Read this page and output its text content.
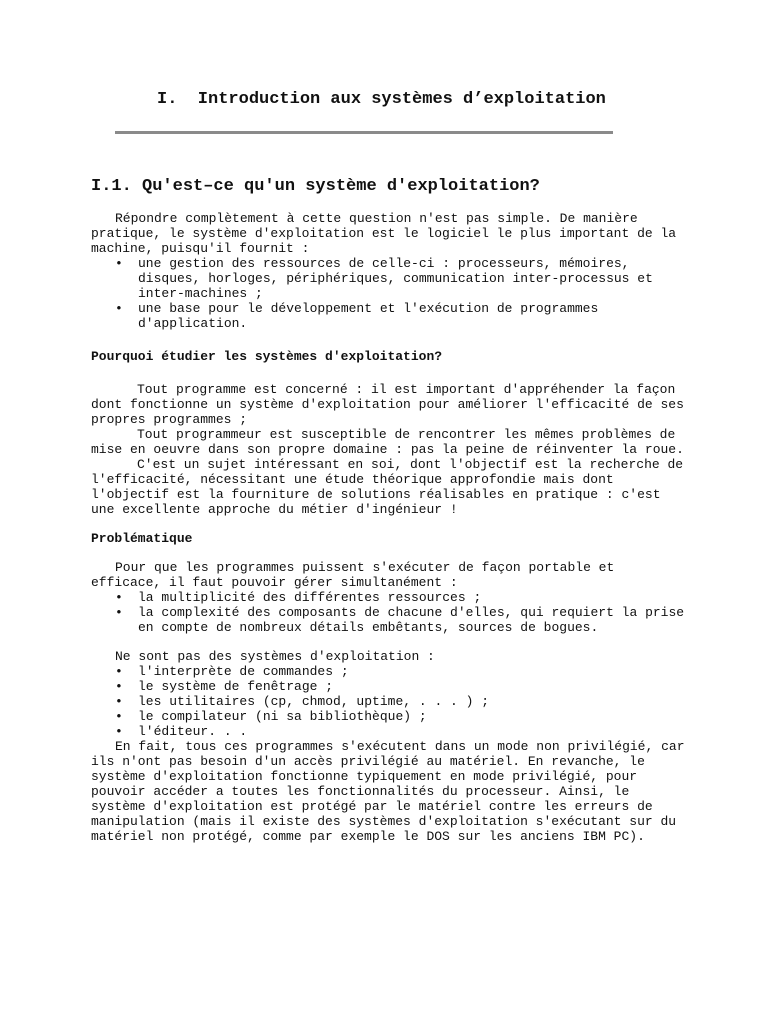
I.  Introduction aux systèmes d’exploitation
I.1. Qu'est–ce qu'un système d'exploitation?

Répondre complètement à cette question n'est pas simple. De manière pratique, le système d'exploitation est le logiciel le plus important de la machine, puisqu'il fournit :

• une gestion des ressources de celle-ci : processeurs, mémoires, disques, horloges, périphériques, communication inter-processus et inter-machines ;
• une base pour le développement et l'exécution de programmes d'application.

Pourquoi étudier les systèmes d'exploitation?

Tout programme est concerné : il est important d'appréhender la façon dont fonctionne un système d'exploitation pour améliorer l'efficacité de ses propres programmes ;

Tout programmeur est susceptible de rencontrer les mêmes problèmes de mise en oeuvre dans son propre domaine : pas la peine de réinventer la roue.

C'est un sujet intéressant en soi, dont l'objectif est la recherche de l'efficacité, nécessitant une étude théorique approfondie mais dont l'objectif est la fourniture de solutions réalisables en pratique : c'est une excellente approche du métier d'ingénieur !

Problématique

Pour que les programmes puissent s'exécuter de façon portable et efficace, il faut pouvoir gérer simultanément :

• la multiplicité des différentes ressources ;
• la complexité des composants de chacune d'elles, qui requiert la prise en compte de nombreux détails embêtants, sources de bogues.

Ne sont pas des systèmes d'exploitation :

• l'interprète de commandes ;
• le système de fenêtrage ;
• les utilitaires (cp, chmod, uptime, . . . ) ;
• le compilateur (ni sa bibliothèque) ;
• l'éditeur. . .

En fait, tous ces programmes s'exécutent dans un mode non privilégié, car ils n'ont pas besoin d'un accès privilégié au matériel. En revanche, le système d'exploitation fonctionne typiquement en mode privilégié, pour pouvoir accéder a toutes les fonctionnalités du processeur. Ainsi, le système d'exploitation est protégé par le matériel contre les erreurs de manipulation (mais il existe des systèmes d'exploitation s'exécutant sur du matériel non protégé, comme par exemple le DOS sur les anciens IBM PC).
